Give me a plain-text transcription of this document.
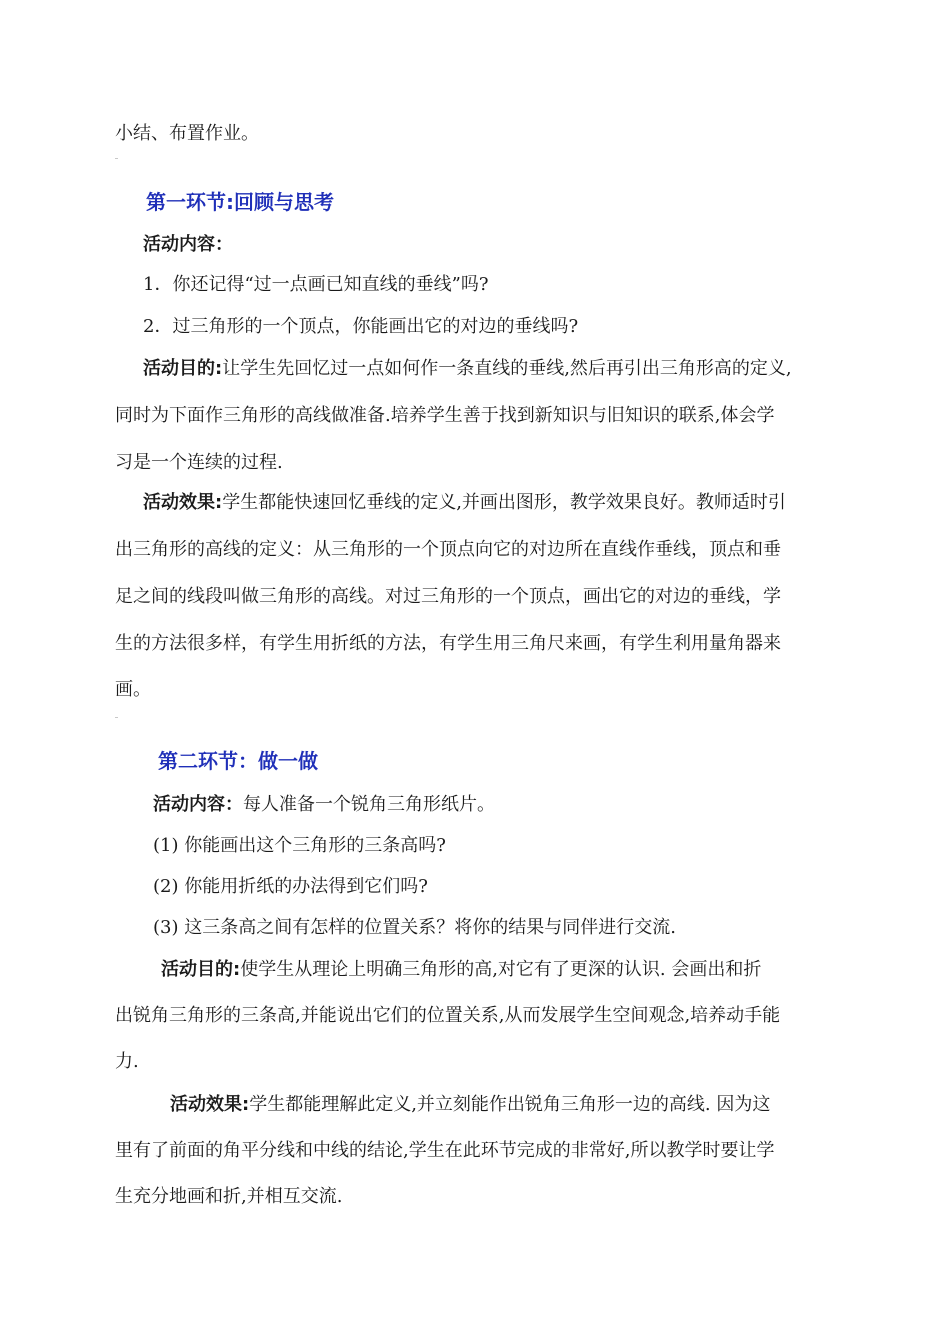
小结、布置作业。
第一环节:回顾与思考
活动内容：
1．你还记得“过一点画已知直线的垂线”吗?
2．过三角形的一个顶点，你能画出它的对边的垂线吗?
活动目的:让学生先回忆过一点如何作一条直线的垂线,然后再引出三角形高的定义,
同时为下面作三角形的高线做准备.培养学生善于找到新知识与旧知识的联系,体会学
习是一个连续的过程.
活动效果:学生都能快速回忆垂线的定义,并画出图形，教学效果良好。教师适时引
出三角形的高线的定义：从三角形的一个顶点向它的对边所在直线作垂线，顶点和垂
足之间的线段叫做三角形的高线。对过三角形的一个顶点，画出它的对边的垂线，学
生的方法很多样，有学生用折纸的方法，有学生用三角尺来画，有学生利用量角器来
画。
第二环节：做一做
活动内容：每人准备一个锐角三角形纸片。
(1) 你能画出这个三角形的三条高吗?
(2) 你能用折纸的办法得到它们吗?
(3) 这三条高之间有怎样的位置关系？将你的结果与同伴进行交流.
活动目的:使学生从理论上明确三角形的高,对它有了更深的认识. 会画出和折
出锐角三角形的三条高,并能说出它们的位置关系,从而发展学生空间观念,培养动手能
力.
活动效果:学生都能理解此定义,并立刻能作出锐角三角形一边的高线. 因为这
里有了前面的角平分线和中线的结论,学生在此环节完成的非常好,所以教学时要让学
生充分地画和折,并相互交流.
